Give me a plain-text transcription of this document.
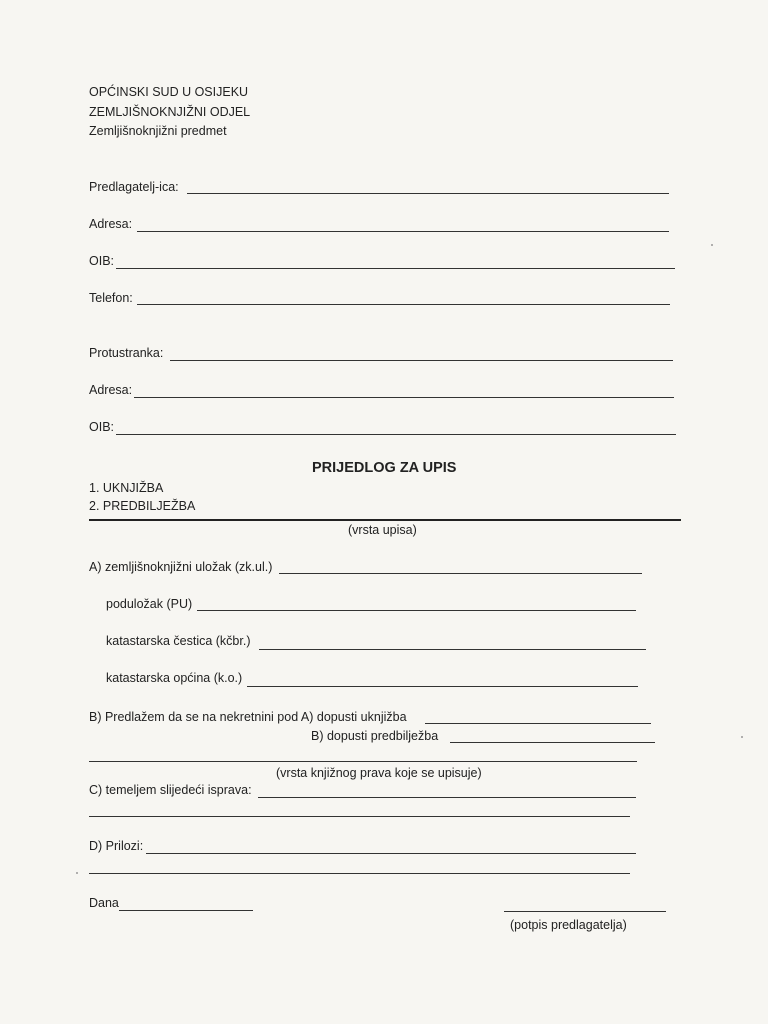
OPĆINSKI SUD U OSIJEKU
ZEMLJIŠNOKNJIŽNI ODJEL
Zemljišnoknjižni predmet
Predlagatelj-ica:
Adresa:
OIB:
Telefon:
Protustranka:
Adresa:
OIB:
PRIJEDLOG ZA UPIS
1. UKNJIŽBA
2. PREDBILJEŽBA
(vrsta upisa)
A) zemljišnoknjižni uložak (zk.ul.)
poduložak (PU)
katastarska čestica (kčbr.)
katastarska općina (k.o.)
B) Predlažem da se na nekretnini pod A) dopusti uknjižba
B) dopusti predbilježba
(vrsta knjižnog prava koje se upisuje)
C) temeljem slijedeći isprava:
D) Prilozi:
Dana
(potpis predlagatelja)
